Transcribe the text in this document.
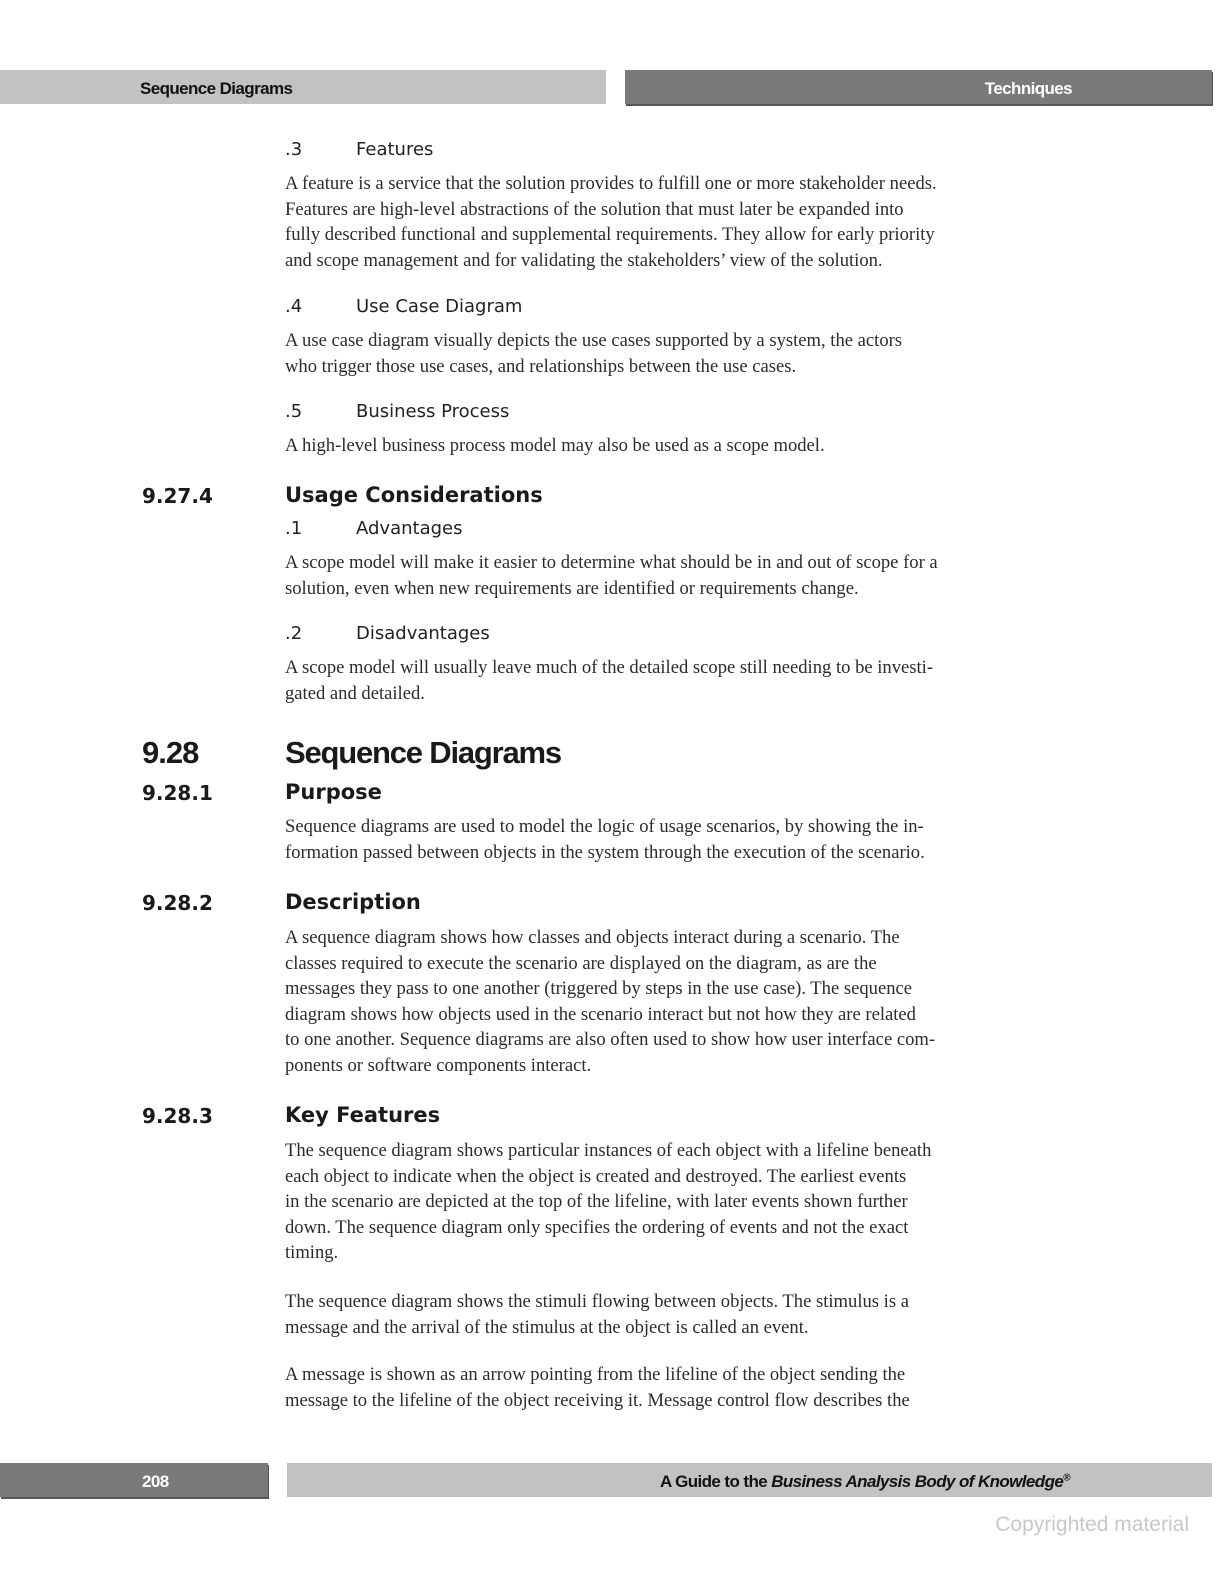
Sequence Diagrams	Techniques
.3	Features
A feature is a service that the solution provides to fulfill one or more stakeholder needs.
Features are high-level abstractions of the solution that must later be expanded into
fully described functional and supplemental requirements. They allow for early priority
and scope management and for validating the stakeholders’ view of the solution.
.4	Use Case Diagram
A use case diagram visually depicts the use cases supported by a system, the actors
who trigger those use cases, and relationships between the use cases.
.5	Business Process
A high-level business process model may also be used as a scope model.
9.27.4	Usage Considerations
.1	Advantages
A scope model will make it easier to determine what should be in and out of scope for a
solution, even when new requirements are identified or requirements change.
.2	Disadvantages
A scope model will usually leave much of the detailed scope still needing to be investi-
gated and detailed.
9.28	Sequence Diagrams
9.28.1	Purpose
Sequence diagrams are used to model the logic of usage scenarios, by showing the in-
formation passed between objects in the system through the execution of the scenario.
9.28.2	Description
A sequence diagram shows how classes and objects interact during a scenario. The
classes required to execute the scenario are displayed on the diagram, as are the
messages they pass to one another (triggered by steps in the use case). The sequence
diagram shows how objects used in the scenario interact but not how they are related
to one another. Sequence diagrams are also often used to show how user interface com-
ponents or software components interact.
9.28.3	Key Features
The sequence diagram shows particular instances of each object with a lifeline beneath
each object to indicate when the object is created and destroyed. The earliest events
in the scenario are depicted at the top of the lifeline, with later events shown further
down. The sequence diagram only specifies the ordering of events and not the exact
timing.
The sequence diagram shows the stimuli flowing between objects. The stimulus is a
message and the arrival of the stimulus at the object is called an event.
A message is shown as an arrow pointing from the lifeline of the object sending the
message to the lifeline of the object receiving it. Message control flow describes the
208	A Guide to the Business Analysis Body of Knowledge®
Copyrighted material
